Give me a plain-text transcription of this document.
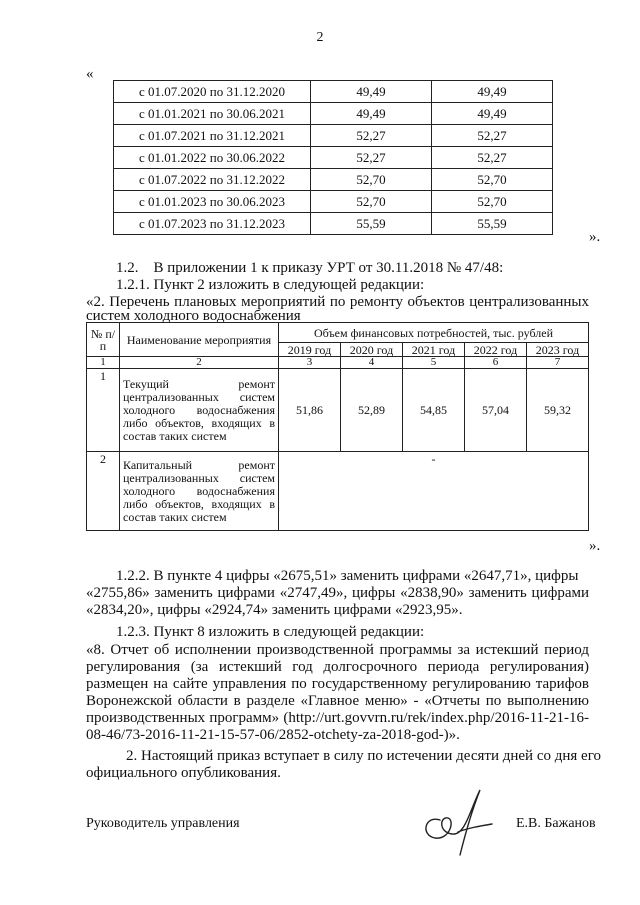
2
«
с 01.07.2020 по 31.12.2020	49,49	49,49
с 01.01.2021 по 30.06.2021	49,49	49,49
с 01.07.2021 по 31.12.2021	52,27	52,27
с 01.01.2022 по 30.06.2022	52,27	52,27
с 01.07.2022 по 31.12.2022	52,70	52,70
с 01.01.2023 по 30.06.2023	52,70	52,70
с 01.07.2023 по 31.12.2023	55,59	55,59
».
1.2.    В приложении 1 к приказу УРТ от 30.11.2018 № 47/48:
1.2.1. Пункт 2 изложить в следующей редакции:
«2. Перечень плановых мероприятий по ремонту объектов централизованных
систем холодного водоснабжения
№ п/п	Наименование мероприятия	Объем финансовых потребностей, тыс. рублей				
		2019 год	2020 год	2021 год	2022 год	2023 год
1	2	3	4	5	6	7
1	Текущий ремонт централизованных систем холодного водоснабжения либо объектов, входящих в состав таких систем	51,86	52,89	54,85	57,04	59,32
2	Капитальный ремонт централизованных систем холодного водоснабжения либо объектов, входящих в состав таких систем	-				
».
1.2.2. В пункте 4 цифры «2675,51» заменить цифрами «2647,71», цифры
«2755,86» заменить цифрами «2747,49», цифры «2838,90» заменить цифрами
«2834,20», цифры «2924,74» заменить цифрами «2923,95».
1.2.3. Пункт 8 изложить в следующей редакции:
«8. Отчет об исполнении производственной программы за истекший период
регулирования (за истекший год долгосрочного периода регулирования)
размещен на сайте управления по государственному регулированию тарифов
Воронежской области в разделе «Главное меню» - «Отчеты по выполнению
производственных программ» (http://urt.govvrn.ru/rek/index.php/2016-11-21-16-
08-46/73-2016-11-21-15-57-06/2852-otchety-za-2018-god-)».
2. Настоящий приказ вступает в силу по истечении десяти дней со дня его
официального опубликования.
Руководитель управления	Е.В. Бажанов
